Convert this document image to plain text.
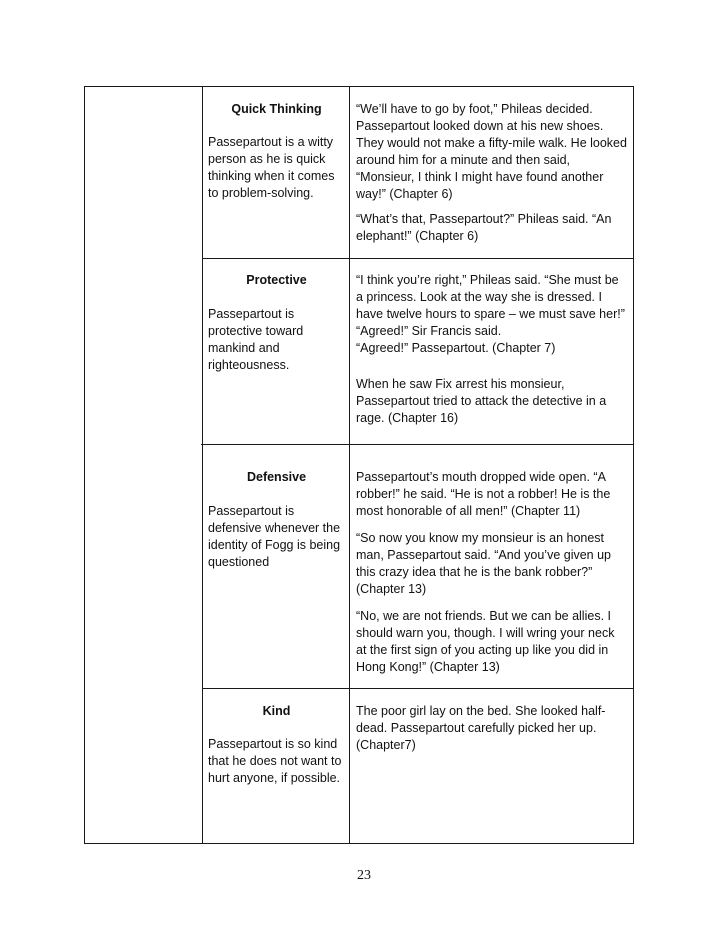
Quick Thinking
Passepartout is a witty person as he is quick thinking when it comes to problem-solving.
“We’ll have to go by foot,” Phileas decided. Passepartout looked down at his new shoes. They would not make a fifty-mile walk. He looked around him for a minute and then said, “Monsieur, I think I might have found another way!” (Chapter 6)
“What’s that, Passepartout?” Phileas said. “An elephant!” (Chapter 6)
Protective
Passepartout is protective toward mankind and righteousness.
“I think you’re right,” Phileas said. “She must be a princess. Look at the way she is dressed. I have twelve hours to spare – we must save her!”
“Agreed!” Sir Francis said.
“Agreed!” Passepartout. (Chapter 7)
When he saw Fix arrest his monsieur, Passepartout tried to attack the detective in a rage. (Chapter 16)
Defensive
Passepartout is defensive whenever the identity of Fogg is being questioned
Passepartout’s mouth dropped wide open. “A robber!” he said. “He is not a robber! He is the most honorable of all men!” (Chapter 11)
“So now you know my monsieur is an honest man, Passepartout said. “And you’ve given up this crazy idea that he is the bank robber?” (Chapter 13)
“No, we are not friends. But we can be allies. I should warn you, though. I will wring your neck at the first sign of you acting up like you did in Hong Kong!” (Chapter 13)
Kind
Passepartout is so kind that he does not want to hurt anyone, if possible.
The poor girl lay on the bed. She looked half-dead. Passepartout carefully picked her up. (Chapter7)
23
